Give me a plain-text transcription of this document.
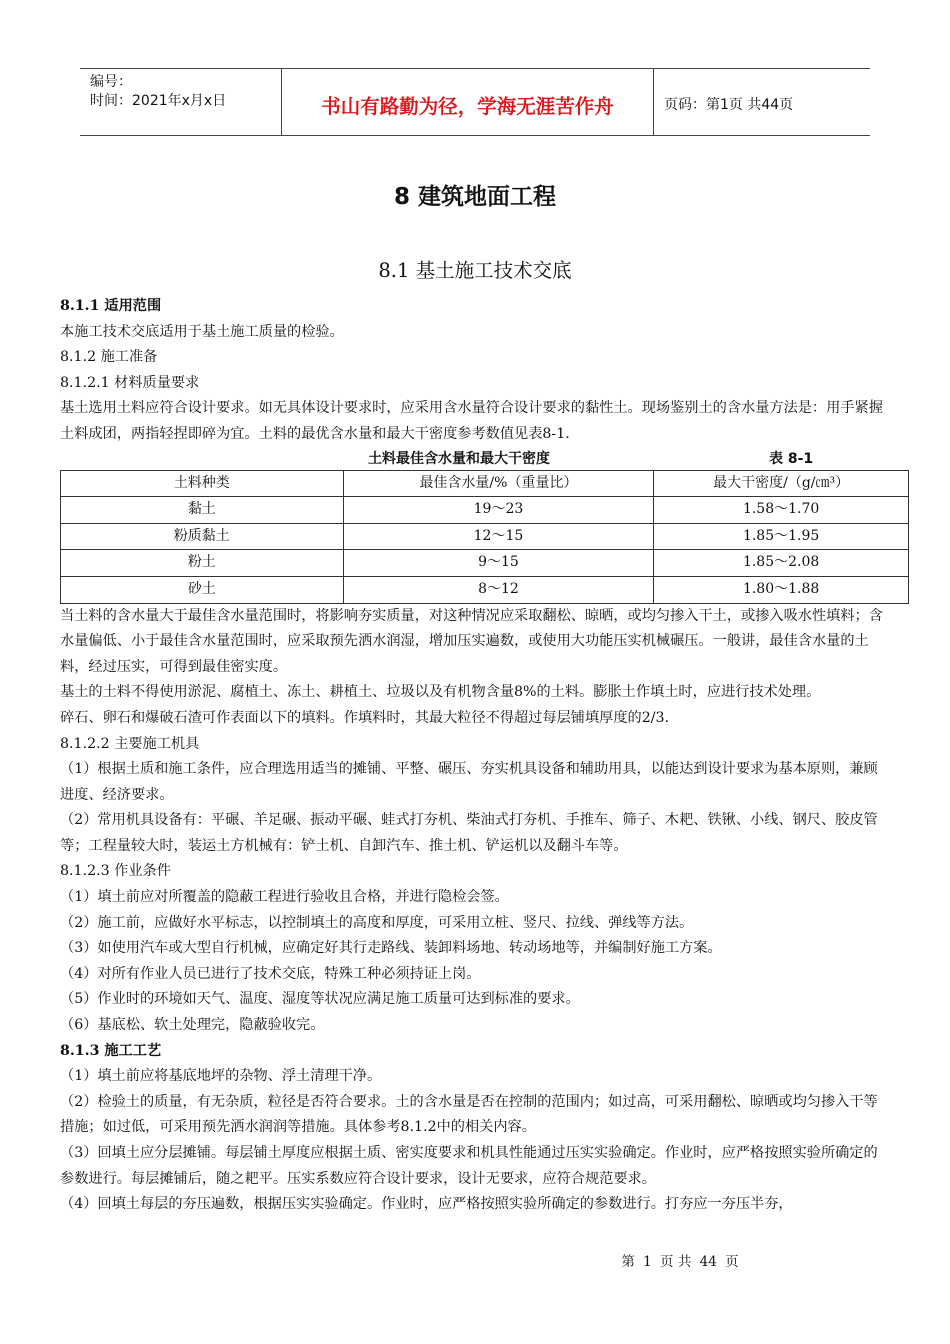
编号：
时间：2021年x月x日	书山有路勤为径，学海无涯苦作舟	页码：第1页 共44页
8 建筑地面工程
8.1 基土施工技术交底

8.1.1 适用范围

本施工技术交底适用于基土施工质量的检验。

8.1.2 施工准备

8.1.2.1 材料质量要求

基土选用土料应符合设计要求。如无具体设计要求时，应采用含水量符合设计要求的黏性土。现场鉴别土的含水量方法是：用手紧握土料成团，两指轻捏即碎为宜。土料的最优含水量和最大干密度参考数值见表8-1.

土料最佳含水量和最大干密度	表 8-1
土料种类	最佳含水量/%（重量比）	最大干密度/（g/㎝³）
黏土	19～23	1.58～1.70
粉质黏土	12～15	1.85～1.95
粉土	9～15	1.85～2.08
砂土	8～12	1.80～1.88

当土料的含水量大于最佳含水量范围时，将影响夯实质量，对这种情况应采取翻松、晾晒，或均匀掺入干土，或掺入吸水性填料；含水量偏低、小于最佳含水量范围时，应采取预先洒水润湿，增加压实遍数，或使用大功能压实机械碾压。一般讲，最佳含水量的土料，经过压实，可得到最佳密实度。

基土的土料不得使用淤泥、腐植土、冻土、耕植土、垃圾以及有机物含量8%的土料。膨胀土作填土时，应进行技术处理。

碎石、卵石和爆破石渣可作表面以下的填料。作填料时，其最大粒径不得超过每层铺填厚度的2/3.

8.1.2.2 主要施工机具

（1）根据土质和施工条件，应合理选用适当的摊铺、平整、碾压、夯实机具设备和辅助用具，以能达到设计要求为基本原则，兼顾进度、经济要求。

（2）常用机具设备有：平碾、羊足碾、振动平碾、蛙式打夯机、柴油式打夯机、手推车、筛子、木耙、铁锹、小线、钢尺、胶皮管等；工程量较大时，装运土方机械有：铲土机、自卸汽车、推土机、铲运机以及翻斗车等。

8.1.2.3 作业条件

（1）填土前应对所覆盖的隐蔽工程进行验收且合格，并进行隐检会签。

（2）施工前，应做好水平标志，以控制填土的高度和厚度，可采用立桩、竖尺、拉线、弹线等方法。

（3）如使用汽车或大型自行机械，应确定好其行走路线、装卸料场地、转动场地等，并编制好施工方案。

（4）对所有作业人员已进行了技术交底，特殊工种必须持证上岗。

（5）作业时的环境如天气、温度、湿度等状况应满足施工质量可达到标准的要求。

（6）基底松、软土处理完，隐蔽验收完。

8.1.3 施工工艺

（1）填土前应将基底地坪的杂物、浮土清理干净。

（2）检验土的质量，有无杂质，粒径是否符合要求。土的含水量是否在控制的范围内；如过高，可采用翻松、晾晒或均匀掺入干等措施；如过低，可采用预先洒水润润等措施。具体参考8.1.2中的相关内容。

（3）回填土应分层摊铺。每层铺土厚度应根据土质、密实度要求和机具性能通过压实实验确定。作业时，应严格按照实验所确定的参数进行。每层摊铺后，随之耙平。压实系数应符合设计要求，设计无要求，应符合规范要求。

（4）回填土每层的夯压遍数，根据压实实验确定。作业时，应严格按照实验所确定的参数进行。打夯应一夯压半夯，

第 1 页 共 44 页
